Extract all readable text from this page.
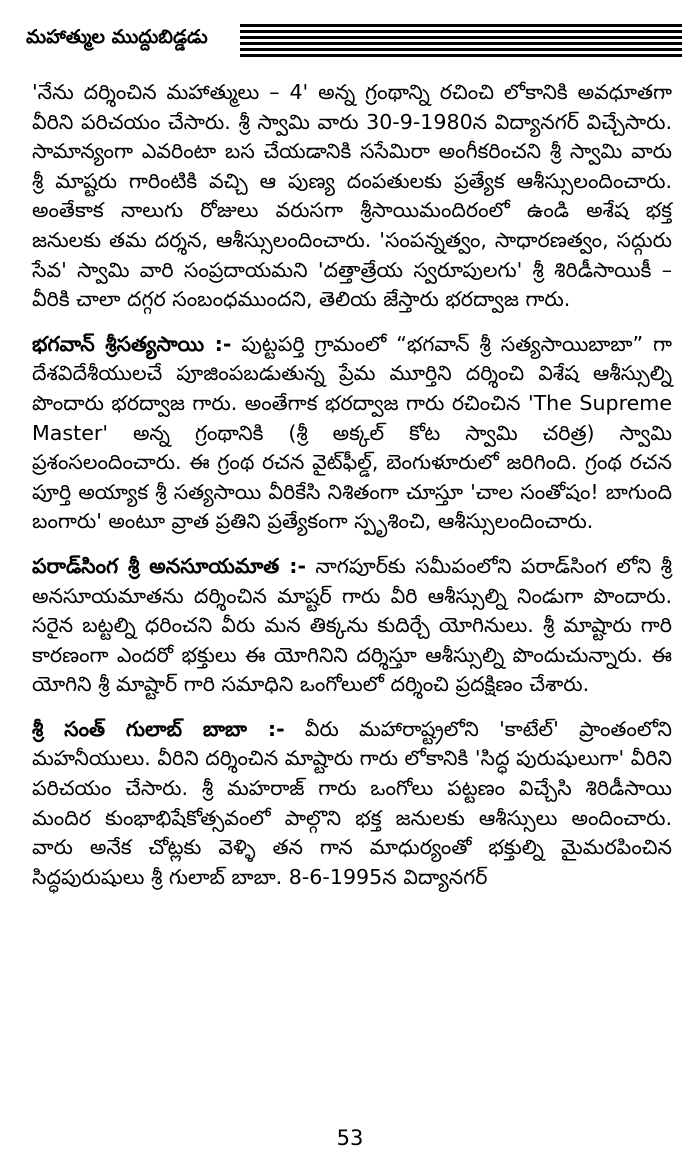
మహాత్ముల ముద్దుబిడ్డడు

'నేను దర్శించిన మహాత్ములు – 4' అన్న గ్రంథాన్ని రచించి లోకానికి అవధూతగా వీరిని పరిచయం చేసారు. శ్రీ స్వామి వారు 30-9-1980న విద్యానగర్ విచ్చేసారు. సామాన్యంగా ఎవరింటా బస చేయడానికి ససేమిరా అంగీకరించని శ్రీ స్వామి వారు శ్రీ మాష్టరు గారింటికి వచ్చి ఆ పుణ్య దంపతులకు ప్రత్యేక ఆశీస్సులందించారు. అంతేకాక నాలుగు రోజులు వరుసగా శ్రీసాయిమందిరంలో ఉండి అశేష భక్త జనులకు తమ దర్శన, ఆశీస్సులందించారు. 'సంపన్నత్వం, సాధారణత్వం, సద్గురు సేవ' స్వామి వారి సంప్రదాయమని 'దత్తాత్రేయ స్వరూపులగు' శ్రీ శిరిడీసాయికీ – వీరికి చాలా దగ్గర సంబంధముందని, తెలియ జేస్తారు భరద్వాజ గారు.

భగవాన్ శ్రీసత్యసాయి :- పుట్టపర్తి గ్రామంలో “భగవాన్ శ్రీ సత్యసాయిబాబా” గా దేశవిదేశీయులచే పూజింపబడుతున్న ప్రేమ మూర్తిని దర్శించి విశేష ఆశీస్సుల్ని పొందారు భరద్వాజ గారు. అంతేగాక భరద్వాజ గారు రచించిన 'The Supreme Master' అన్న గ్రంథానికి (శ్రీ అక్కల్ కోట స్వామి చరిత్ర) స్వామి ప్రశంసలందించారు. ఈ గ్రంథ రచన వైట్‌ఫీల్డ్, బెంగుళూరులో జరిగింది. గ్రంథ రచన పూర్తి అయ్యాక శ్రీ సత్యసాయి వీరికేసి నిశితంగా చూస్తూ 'చాల సంతోషం! బాగుంది బంగారు' అంటూ వ్రాత ప్రతిని ప్రత్యేకంగా స్పృశించి, ఆశీస్సులందించారు.

పరాడ్‌సింగ శ్రీ అనసూయమాత :- నాగపూర్‌కు సమీపంలోని పరాడ్‌సింగ లోని శ్రీ అనసూయమాతను దర్శించిన మాష్టర్ గారు వీరి ఆశీస్సుల్ని నిండుగా పొందారు. సరైన బట్టల్ని ధరించని వీరు మన తిక్కను కుదిర్చే యోగినులు. శ్రీ మాష్టారు గారి కారణంగా ఎందరో భక్తులు ఈ యోగినిని దర్శిస్తూ ఆశీస్సుల్ని పొందుచున్నారు. ఈ యోగిని శ్రీ మాష్టార్ గారి సమాధిని ఒంగోలులో దర్శించి ప్రదక్షిణం చేశారు.

శ్రీ సంత్ గులాబ్ బాబా :- వీరు మహారాష్ట్రలోని 'కాటేల్' ప్రాంతంలోని మహనీయులు. వీరిని దర్శించిన మాష్టారు గారు లోకానికి 'సిద్ధ పురుషులుగా' వీరిని పరిచయం చేసారు. శ్రీ మహరాజ్ గారు ఒంగోలు పట్టణం విచ్చేసి శిరిడీసాయి మందిర కుంభాభిషేకోత్సవంలో పాల్గొని భక్త జనులకు ఆశీస్సులు అందించారు. వారు అనేక చోట్లకు వెళ్ళి తన గాన మాధుర్యంతో భక్తుల్ని మైమరపించిన సిద్ధపురుషులు శ్రీ గులాబ్ బాబా. 8-6-1995న విద్యానగర్

53
